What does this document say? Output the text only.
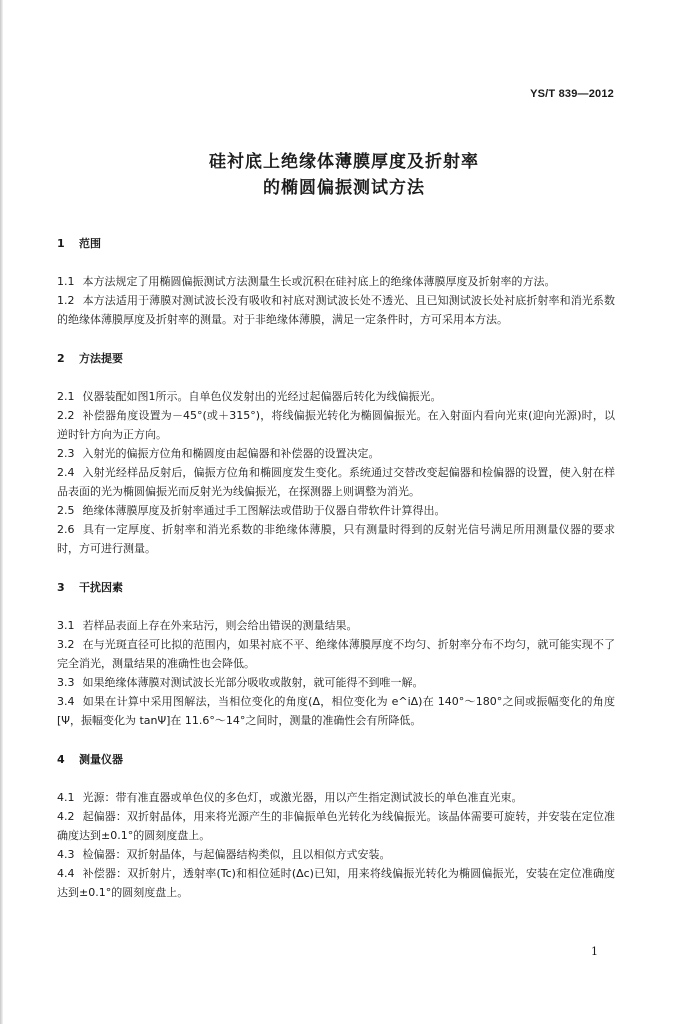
YS/T 839—2012
硅衬底上绝缘体薄膜厚度及折射率
的椭圆偏振测试方法

1 范围

1.1 本方法规定了用椭圆偏振测试方法测量生长或沉积在硅衬底上的绝缘体薄膜厚度及折射率的方法。

1.2 本方法适用于薄膜对测试波长没有吸收和衬底对测试波长处不透光、且已知测试波长处衬底折射率和消光系数的绝缘体薄膜厚度及折射率的测量。对于非绝缘体薄膜，满足一定条件时，方可采用本方法。

2 方法提要

2.1 仪器装配如图1所示。自单色仪发射出的光经过起偏器后转化为线偏振光。

2.2 补偿器角度设置为－45°(或＋315°)，将线偏振光转化为椭圆偏振光。在入射面内看向光束(迎向光源)时，以逆时针方向为正方向。

2.3 入射光的偏振方位角和椭圆度由起偏器和补偿器的设置决定。

2.4 入射光经样品反射后，偏振方位角和椭圆度发生变化。系统通过交替改变起偏器和检偏器的设置，使入射在样品表面的光为椭圆偏振光而反射光为线偏振光，在探测器上则调整为消光。

2.5 绝缘体薄膜厚度及折射率通过手工图解法或借助于仪器自带软件计算得出。

2.6 具有一定厚度、折射率和消光系数的非绝缘体薄膜，只有测量时得到的反射光信号满足所用测量仪器的要求时，方可进行测量。

3 干扰因素

3.1 若样品表面上存在外来玷污，则会给出错误的测量结果。

3.2 在与光斑直径可比拟的范围内，如果衬底不平、绝缘体薄膜厚度不均匀、折射率分布不均匀，就可能实现不了完全消光，测量结果的准确性也会降低。

3.3 如果绝缘体薄膜对测试波长光部分吸收或散射，就可能得不到唯一解。

3.4 如果在计算中采用图解法，当相位变化的角度(Δ，相位变化为 e^iΔ)在 140°～180°之间或振幅变化的角度[Ψ，振幅变化为 tanΨ]在 11.6°～14°之间时，测量的准确性会有所降低。

4 测量仪器

4.1 光源：带有准直器或单色仪的多色灯，或激光器，用以产生指定测试波长的单色准直光束。

4.2 起偏器：双折射晶体，用来将光源产生的非偏振单色光转化为线偏振光。该晶体需要可旋转，并安装在定位准确度达到±0.1°的圆刻度盘上。

4.3 检偏器：双折射晶体，与起偏器结构类似，且以相似方式安装。

4.4 补偿器：双折射片，透射率(Tc)和相位延时(Δc)已知，用来将线偏振光转化为椭圆偏振光，安装在定位准确度达到±0.1°的圆刻度盘上。

1
